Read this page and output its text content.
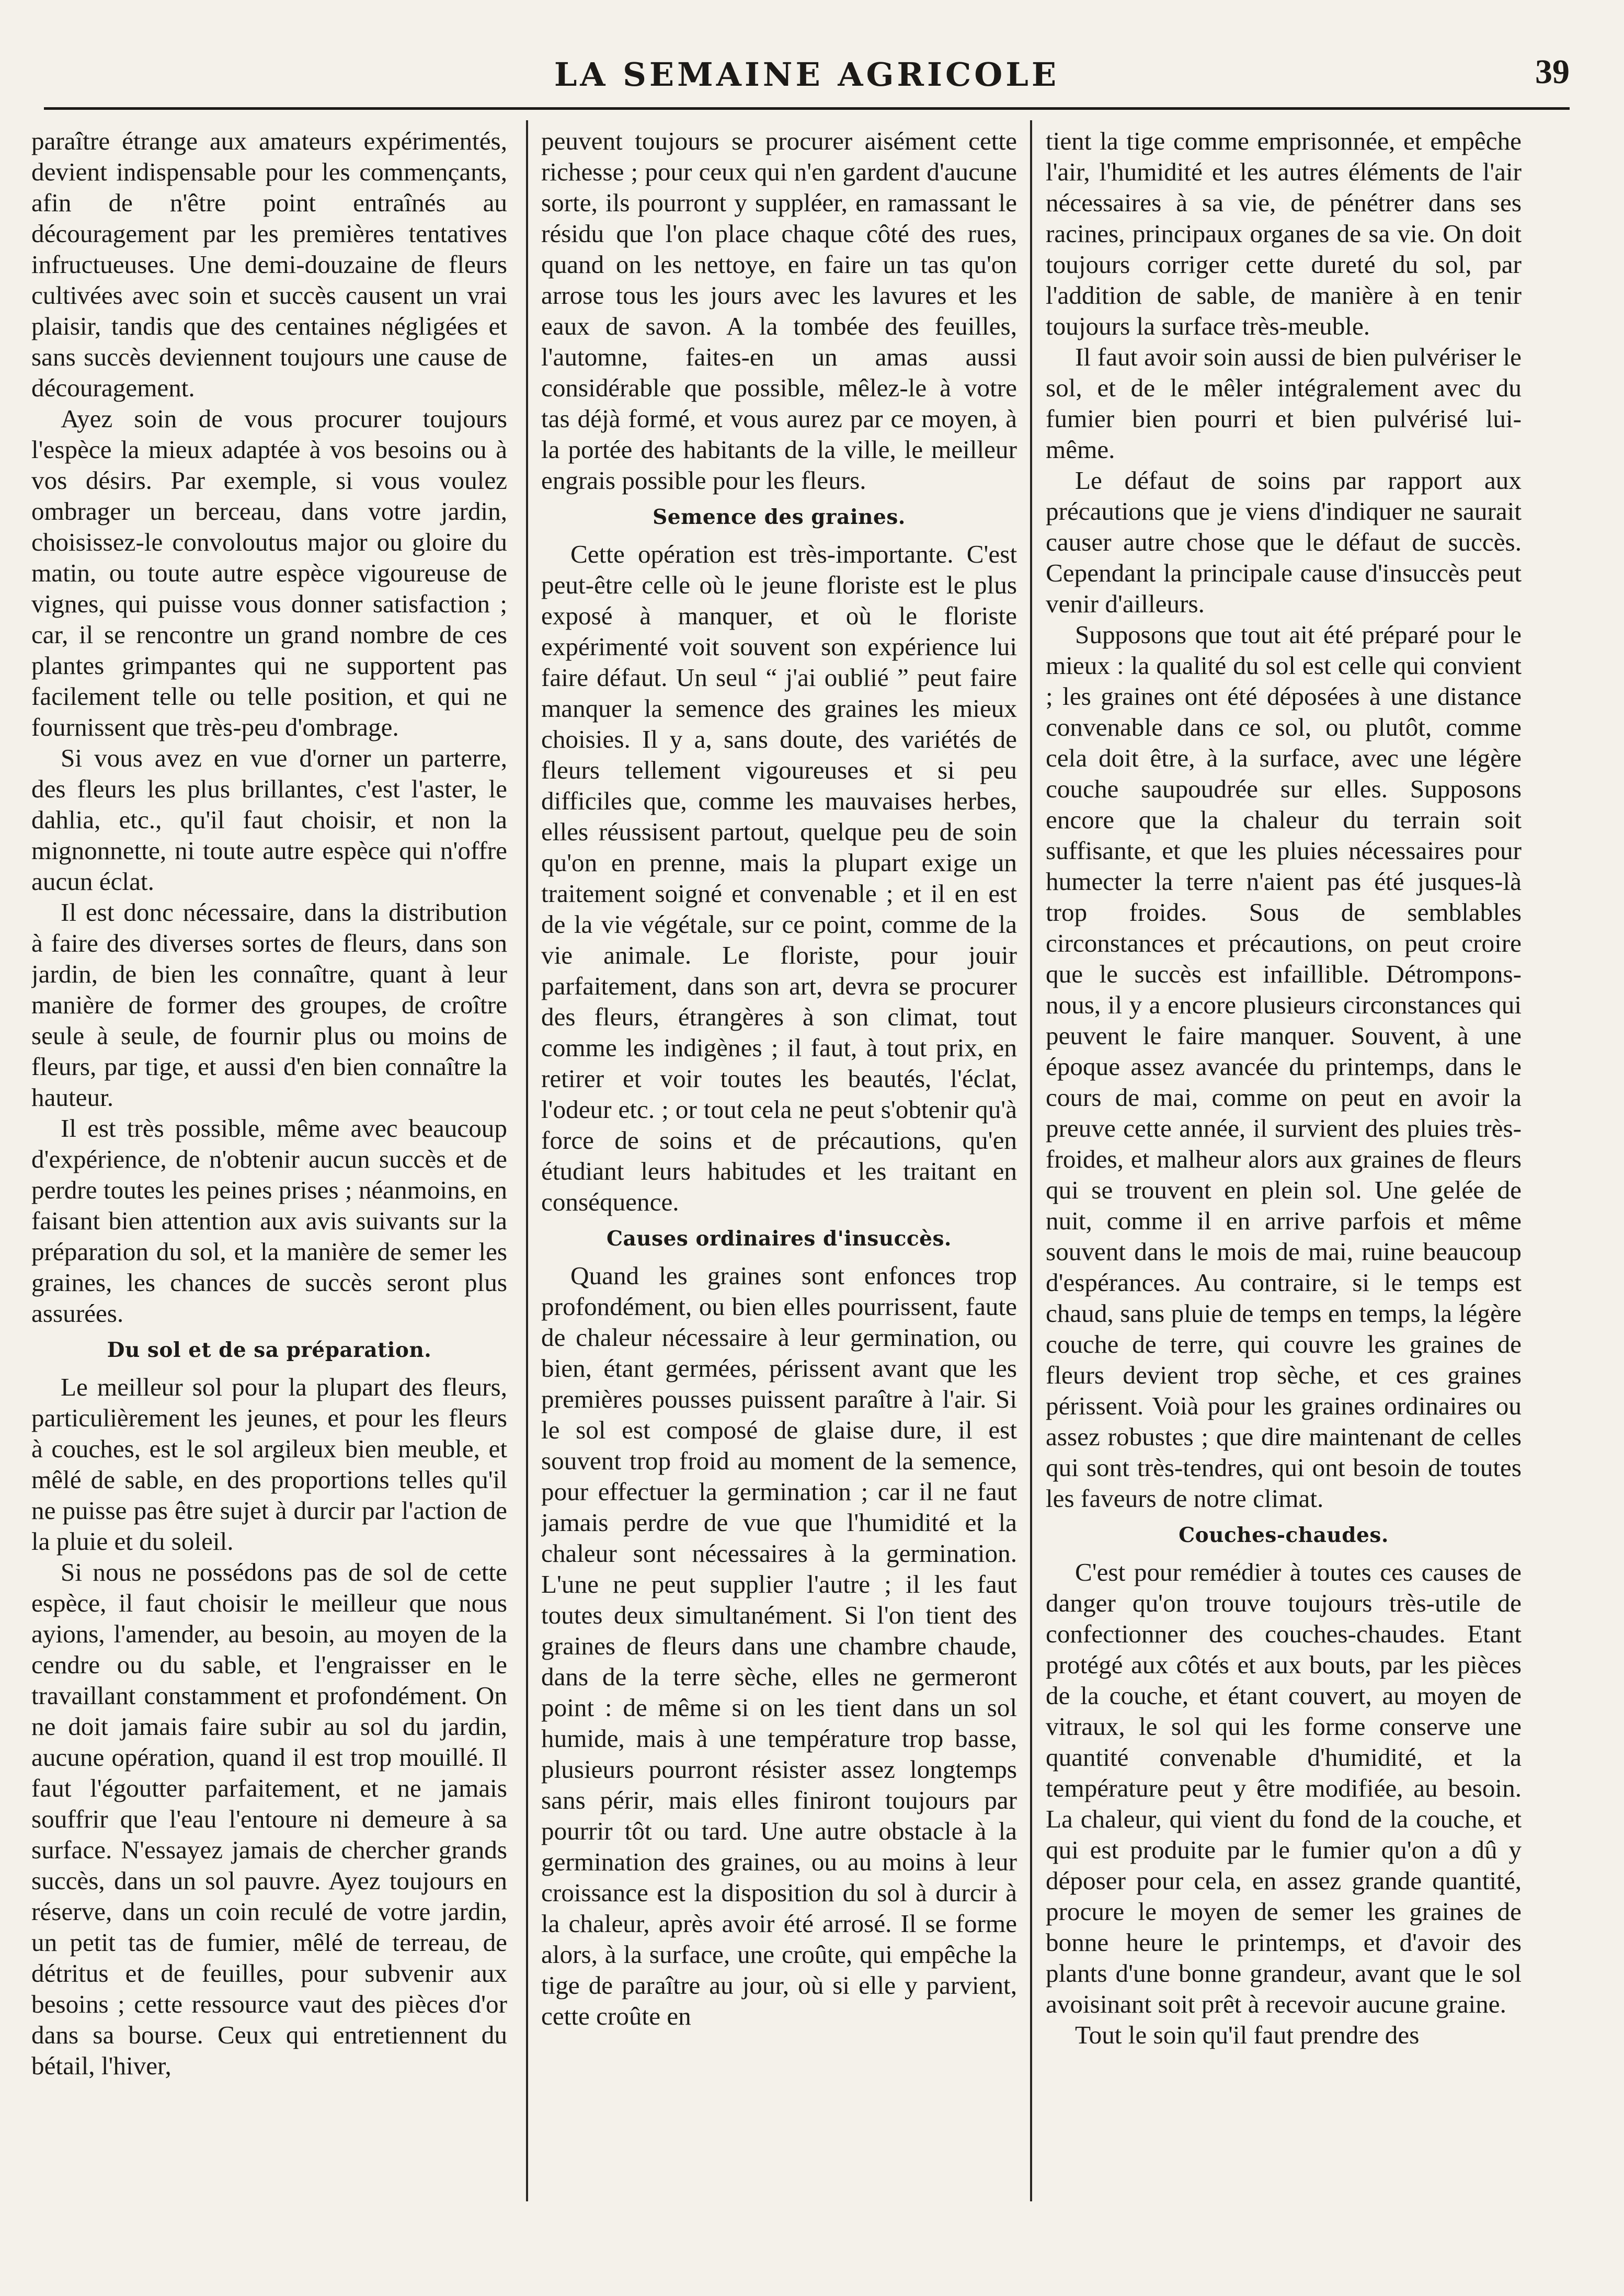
LA SEMAINE AGRICOLE	39

paraître étrange aux amateurs expérimentés, devient indispensable pour les commençants, afin de n'être point entraînés au découragement par les premières tentatives infructueuses. Une demi-douzaine de fleurs cultivées avec soin et succès causent un vrai plaisir, tandis que des centaines négligées et sans succès deviennent toujours une cause de découragement.

Ayez soin de vous procurer toujours l'espèce la mieux adaptée à vos besoins ou à vos désirs. Par exemple, si vous voulez ombrager un berceau, dans votre jardin, choisissez-le convoloutus major ou gloire du matin, ou toute autre espèce vigoureuse de vignes, qui puisse vous donner satisfaction ; car, il se rencontre un grand nombre de ces plantes grimpantes qui ne supportent pas facilement telle ou telle position, et qui ne fournissent que très-peu d'ombrage.

Si vous avez en vue d'orner un parterre, des fleurs les plus brillantes, c'est l'aster, le dahlia, etc., qu'il faut choisir, et non la mignonnette, ni toute autre espèce qui n'offre aucun éclat.

Il est donc nécessaire, dans la distribution à faire des diverses sortes de fleurs, dans son jardin, de bien les connaître, quant à leur manière de former des groupes, de croître seule à seule, de fournir plus ou moins de fleurs, par tige, et aussi d'en bien connaître la hauteur.

Il est très possible, même avec beaucoup d'expérience, de n'obtenir aucun succès et de perdre toutes les peines prises ; néanmoins, en faisant bien attention aux avis suivants sur la préparation du sol, et la manière de semer les graines, les chances de succès seront plus assurées.

Du sol et de sa préparation.

Le meilleur sol pour la plupart des fleurs, particulièrement les jeunes, et pour les fleurs à couches, est le sol argileux bien meuble, et mêlé de sable, en des proportions telles qu'il ne puisse pas être sujet à durcir par l'action de la pluie et du soleil.

Si nous ne possédons pas de sol de cette espèce, il faut choisir le meilleur que nous ayions, l'amender, au besoin, au moyen de la cendre ou du sable, et l'engraisser en le travaillant constamment et profondément. On ne doit jamais faire subir au sol du jardin, aucune opération, quand il est trop mouillé. Il faut l'égoutter parfaitement, et ne jamais souffrir que l'eau l'entoure ni demeure à sa surface. N'essayez jamais de chercher grands succès, dans un sol pauvre. Ayez toujours en réserve, dans un coin reculé de votre jardin, un petit tas de fumier, mêlé de terreau, de détritus et de feuilles, pour subvenir aux besoins ; cette ressource vaut des pièces d'or dans sa bourse. Ceux qui entretiennent du bétail, l'hiver,

peuvent toujours se procurer aisément cette richesse ; pour ceux qui n'en gardent d'aucune sorte, ils pourront y suppléer, en ramassant le résidu que l'on place chaque côté des rues, quand on les nettoye, en faire un tas qu'on arrose tous les jours avec les lavures et les eaux de savon. A la tombée des feuilles, l'automne, faites-en un amas aussi considérable que possible, mêlez-le à votre tas déjà formé, et vous aurez par ce moyen, à la portée des habitants de la ville, le meilleur engrais possible pour les fleurs.

Semence des graines.

Cette opération est très-importante. C'est peut-être celle où le jeune floriste est le plus exposé à manquer, et où le floriste expérimenté voit souvent son expérience lui faire défaut. Un seul “ j'ai oublié ” peut faire manquer la semence des graines les mieux choisies. Il y a, sans doute, des variétés de fleurs tellement vigoureuses et si peu difficiles que, comme les mauvaises herbes, elles réussisent partout, quelque peu de soin qu'on en prenne, mais la plupart exige un traitement soigné et convenable ; et il en est de la vie végétale, sur ce point, comme de la vie animale. Le floriste, pour jouir parfaitement, dans son art, devra se procurer des fleurs, étrangères à son climat, tout comme les indigènes ; il faut, à tout prix, en retirer et voir toutes les beautés, l'éclat, l'odeur etc. ; or tout cela ne peut s'obtenir qu'à force de soins et de précautions, qu'en étudiant leurs habitudes et les traitant en conséquence.

Causes ordinaires d'insuccès.

Quand les graines sont enfonces trop profondément, ou bien elles pourrissent, faute de chaleur nécessaire à leur germination, ou bien, étant germées, périssent avant que les premières pousses puissent paraître à l'air. Si le sol est composé de glaise dure, il est souvent trop froid au moment de la semence, pour effectuer la germination ; car il ne faut jamais perdre de vue que l'humidité et la chaleur sont nécessaires à la germination. L'une ne peut supplier l'autre ; il les faut toutes deux simultanément. Si l'on tient des graines de fleurs dans une chambre chaude, dans de la terre sèche, elles ne germeront point : de même si on les tient dans un sol humide, mais à une température trop basse, plusieurs pourront résister assez longtemps sans périr, mais elles finiront toujours par pourrir tôt ou tard. Une autre obstacle à la germination des graines, ou au moins à leur croissance est la disposition du sol à durcir à la chaleur, après avoir été arrosé. Il se forme alors, à la surface, une croûte, qui empêche la tige de paraître au jour, où si elle y parvient, cette croûte en

tient la tige comme emprisonnée, et empêche l'air, l'humidité et les autres éléments de l'air nécessaires à sa vie, de pénétrer dans ses racines, principaux organes de sa vie. On doit toujours corriger cette dureté du sol, par l'addition de sable, de manière à en tenir toujours la surface très-meuble.

Il faut avoir soin aussi de bien pulvériser le sol, et de le mêler intégralement avec du fumier bien pourri et bien pulvérisé lui-même.

Le défaut de soins par rapport aux précautions que je viens d'indiquer ne saurait causer autre chose que le défaut de succès. Cependant la principale cause d'insuccès peut venir d'ailleurs.

Supposons que tout ait été préparé pour le mieux : la qualité du sol est celle qui convient ; les graines ont été déposées à une distance convenable dans ce sol, ou plutôt, comme cela doit être, à la surface, avec une légère couche saupoudrée sur elles. Supposons encore que la chaleur du terrain soit suffisante, et que les pluies nécessaires pour humecter la terre n'aient pas été jusques-là trop froides. Sous de semblables circonstances et précautions, on peut croire que le succès est infaillible. Détrompons-nous, il y a encore plusieurs circonstances qui peuvent le faire manquer. Souvent, à une époque assez avancée du printemps, dans le cours de mai, comme on peut en avoir la preuve cette année, il survient des pluies très-froides, et malheur alors aux graines de fleurs qui se trouvent en plein sol. Une gelée de nuit, comme il en arrive parfois et même souvent dans le mois de mai, ruine beaucoup d'espérances. Au contraire, si le temps est chaud, sans pluie de temps en temps, la légère couche de terre, qui couvre les graines de fleurs devient trop sèche, et ces graines périssent. Voià pour les graines ordinaires ou assez robustes ; que dire maintenant de celles qui sont très-tendres, qui ont besoin de toutes les faveurs de notre climat.

Couches-chaudes.

C'est pour remédier à toutes ces causes de danger qu'on trouve toujours très-utile de confectionner des couches-chaudes. Etant protégé aux côtés et aux bouts, par les pièces de la couche, et étant couvert, au moyen de vitraux, le sol qui les forme conserve une quantité convenable d'humidité, et la température peut y être modifiée, au besoin. La chaleur, qui vient du fond de la couche, et qui est produite par le fumier qu'on a dû y déposer pour cela, en assez grande quantité, procure le moyen de semer les graines de bonne heure le printemps, et d'avoir des plants d'une bonne grandeur, avant que le sol avoisinant soit prêt à recevoir aucune graine.

Tout le soin qu'il faut prendre des
